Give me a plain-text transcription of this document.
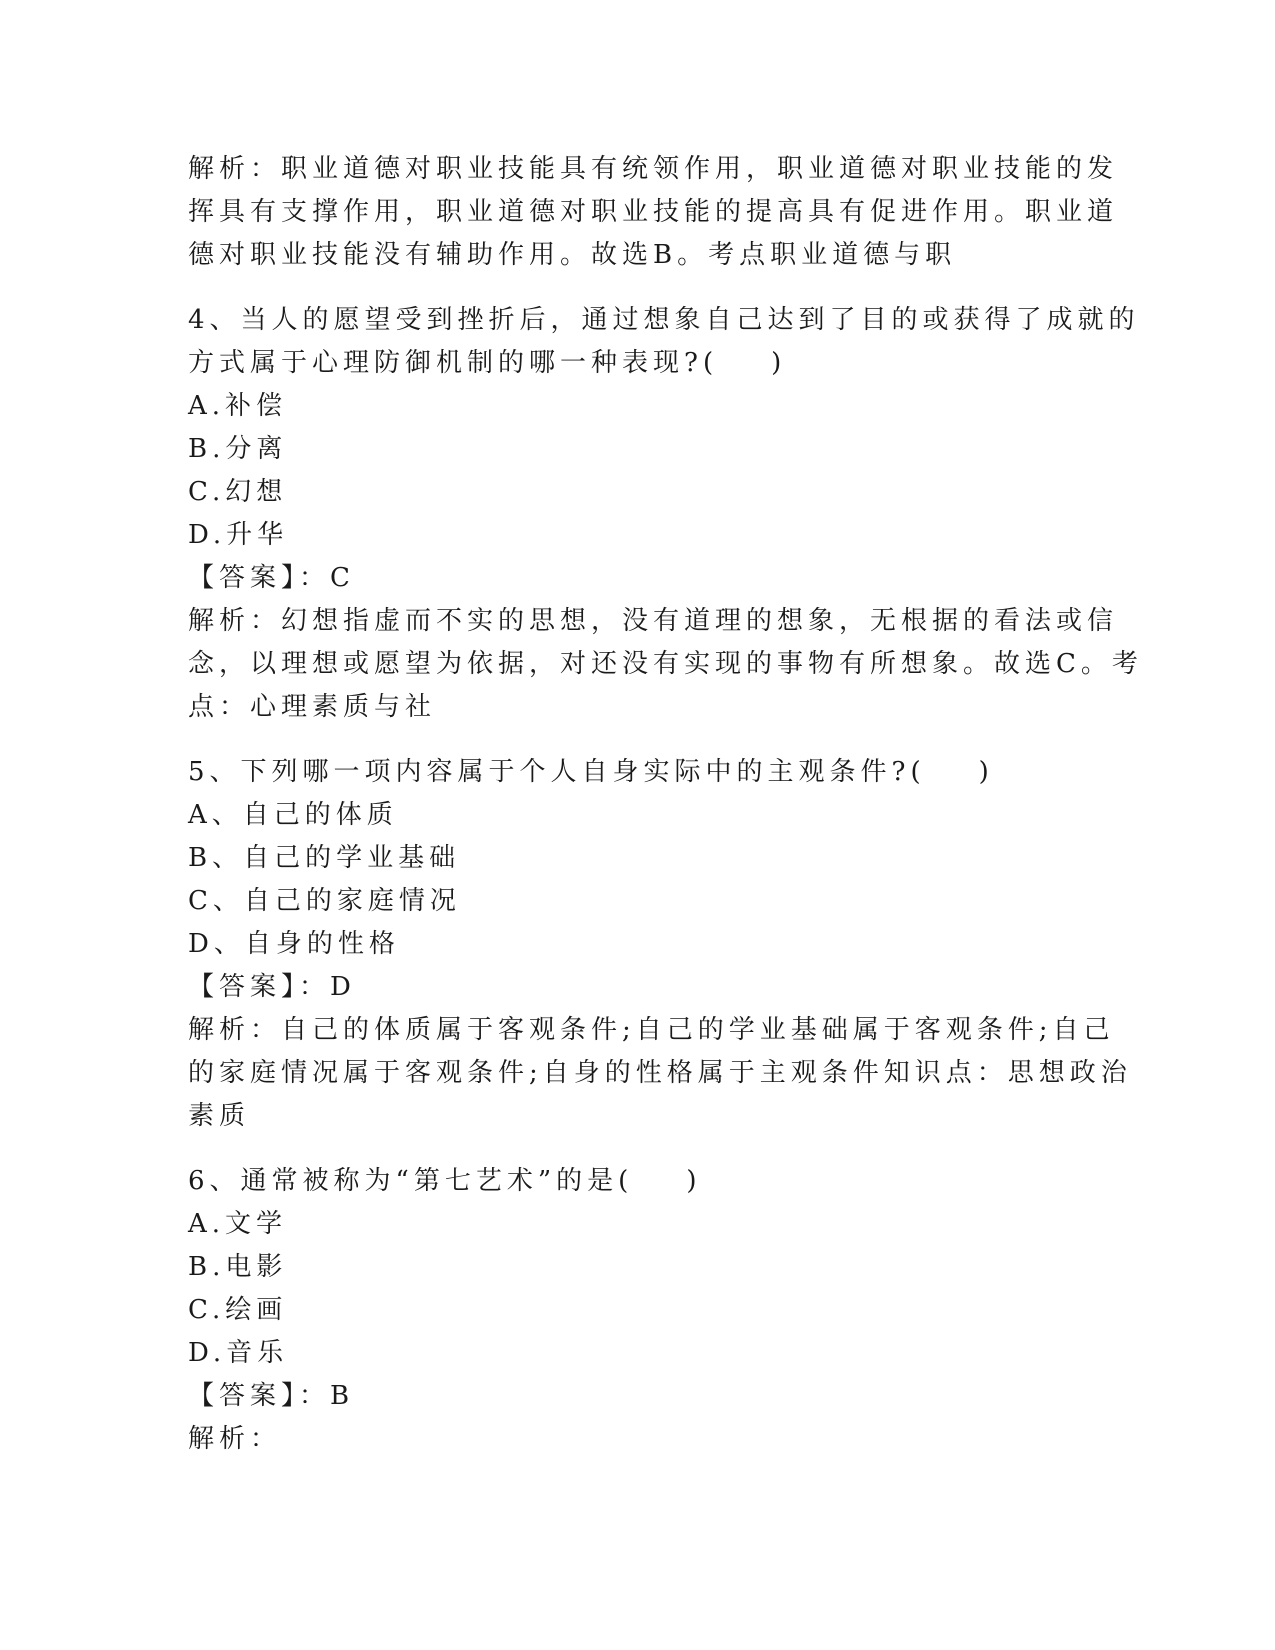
解析：职业道德对职业技能具有统领作用，职业道德对职业技能的发

挥具有支撑作用，职业道德对职业技能的提高具有促进作用。职业道

德对职业技能没有辅助作用。故选B。考点职业道德与职

4、当人的愿望受到挫折后，通过想象自己达到了目的或获得了成就的

方式属于心理防御机制的哪一种表现?(    )

A.补偿

B.分离

C.幻想

D.升华

【答案】：C

解析：幻想指虚而不实的思想，没有道理的想象，无根据的看法或信

念，以理想或愿望为依据，对还没有实现的事物有所想象。故选C。考

点：心理素质与社

5、下列哪一项内容属于个人自身实际中的主观条件?(    )

A、自己的体质

B、自己的学业基础

C、自己的家庭情况

D、自身的性格

【答案】：D

解析：自己的体质属于客观条件;自己的学业基础属于客观条件;自己

的家庭情况属于客观条件;自身的性格属于主观条件知识点：思想政治

素质

6、通常被称为“第七艺术”的是(    )

A.文学

B.电影

C.绘画

D.音乐

【答案】：B

解析：
